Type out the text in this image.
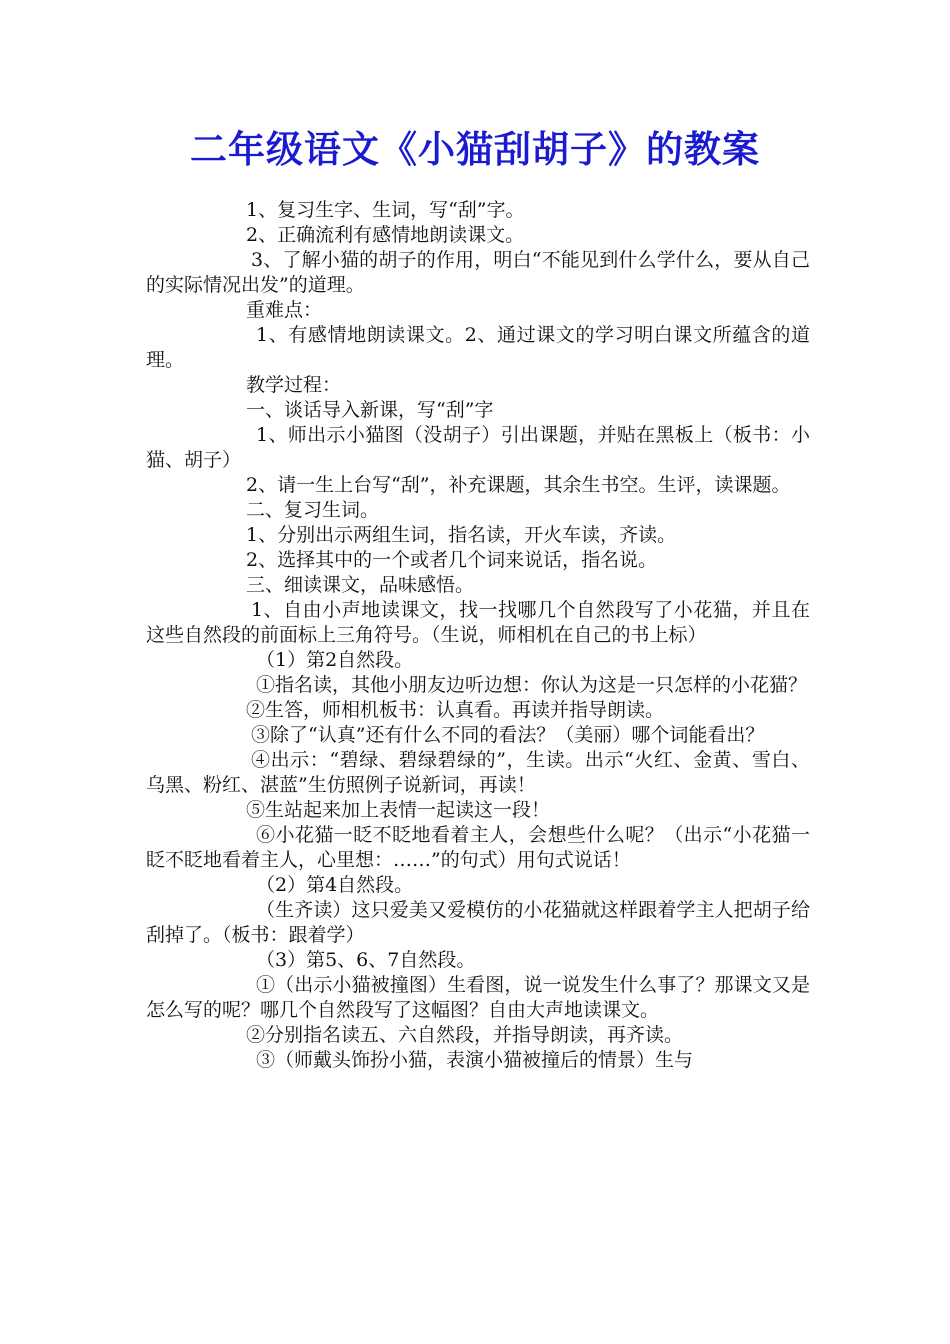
二年级语文《小猫刮胡子》的教案

1、复习生字、生词，写“刮”字。

2、正确流利有感情地朗读课文。

3、了解小猫的胡子的作用，明白“不能见到什么学什么，要从自己的实际情况出发”的道理。

重难点：

1、有感情地朗读课文。2、通过课文的学习明白课文所蕴含的道理。

教学过程：

一、谈话导入新课，写“刮”字

1、师出示小猫图（没胡子）引出课题，并贴在黑板上（板书：小猫、胡子）

2、请一生上台写“刮”，补充课题，其余生书空。生评，读课题。

二、复习生词。

1、分别出示两组生词，指名读，开火车读，齐读。

2、选择其中的一个或者几个词来说话，指名说。

三、细读课文，品味感悟。

1、自由小声地读课文，找一找哪几个自然段写了小花猫，并且在这些自然段的前面标上三角符号。（生说，师相机在自己的书上标）

（1）第2自然段。

①指名读，其他小朋友边听边想：你认为这是一只怎样的小花猫？

②生答，师相机板书：认真看。再读并指导朗读。

③除了“认真”还有什么不同的看法？（美丽）哪个词能看出？

④出示：“碧绿、碧绿碧绿的”，生读。出示“火红、金黄、雪白、乌黑、粉红、湛蓝”生仿照例子说新词，再读！

⑤生站起来加上表情一起读这一段！

⑥小花猫一眨不眨地看着主人，会想些什么呢？（出示“小花猫一眨不眨地看着主人，心里想：……”的句式）用句式说话！

（2）第4自然段。

（生齐读）这只爱美又爱模仿的小花猫就这样跟着学主人把胡子给刮掉了。（板书：跟着学）

（3）第5、6、7自然段。

①（出示小猫被撞图）生看图，说一说发生什么事了？那课文又是怎么写的呢？哪几个自然段写了这幅图？自由大声地读课文。

②分别指名读五、六自然段，并指导朗读，再齐读。

③（师戴头饰扮小猫，表演小猫被撞后的情景）生与
